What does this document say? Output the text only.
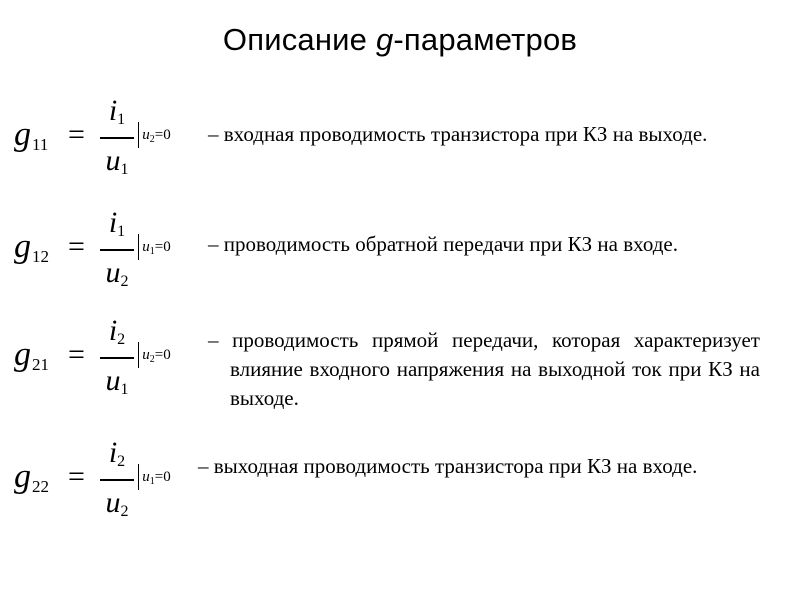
Описание g-параметров
$g_{11}$ =
$i_1$
$u_1$
$u_2=0$ – входная проводимость транзистора при КЗ на выходе.
$g_{12}$ =
$i_1$
$u_2$
$u_1=0$ – проводимость обратной передачи при КЗ на входе.
$g_{21}$ =
$i_2$
$u_1$
$u_2=0$
– проводимость прямой передачи, которая характеризует влияние входного напряжения на выходной ток при КЗ на выходе.
$g_{22}$ =
$i_2$
$u_2$
$u_1=0$ – выходная проводимость транзистора при КЗ на входе.
